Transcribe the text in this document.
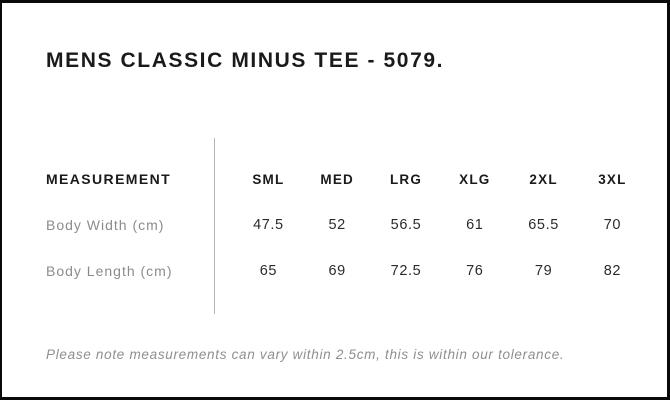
MENS CLASSIC MINUS TEE - 5079.
MEASUREMENT	SML	MED	LRG	XLG	2XL	3XL
Body Width (cm)	47.5	52	56.5	61	65.5	70
Body Length (cm)	65	69	72.5	76	79	82
Please note measurements can vary within 2.5cm, this is within our tolerance.
